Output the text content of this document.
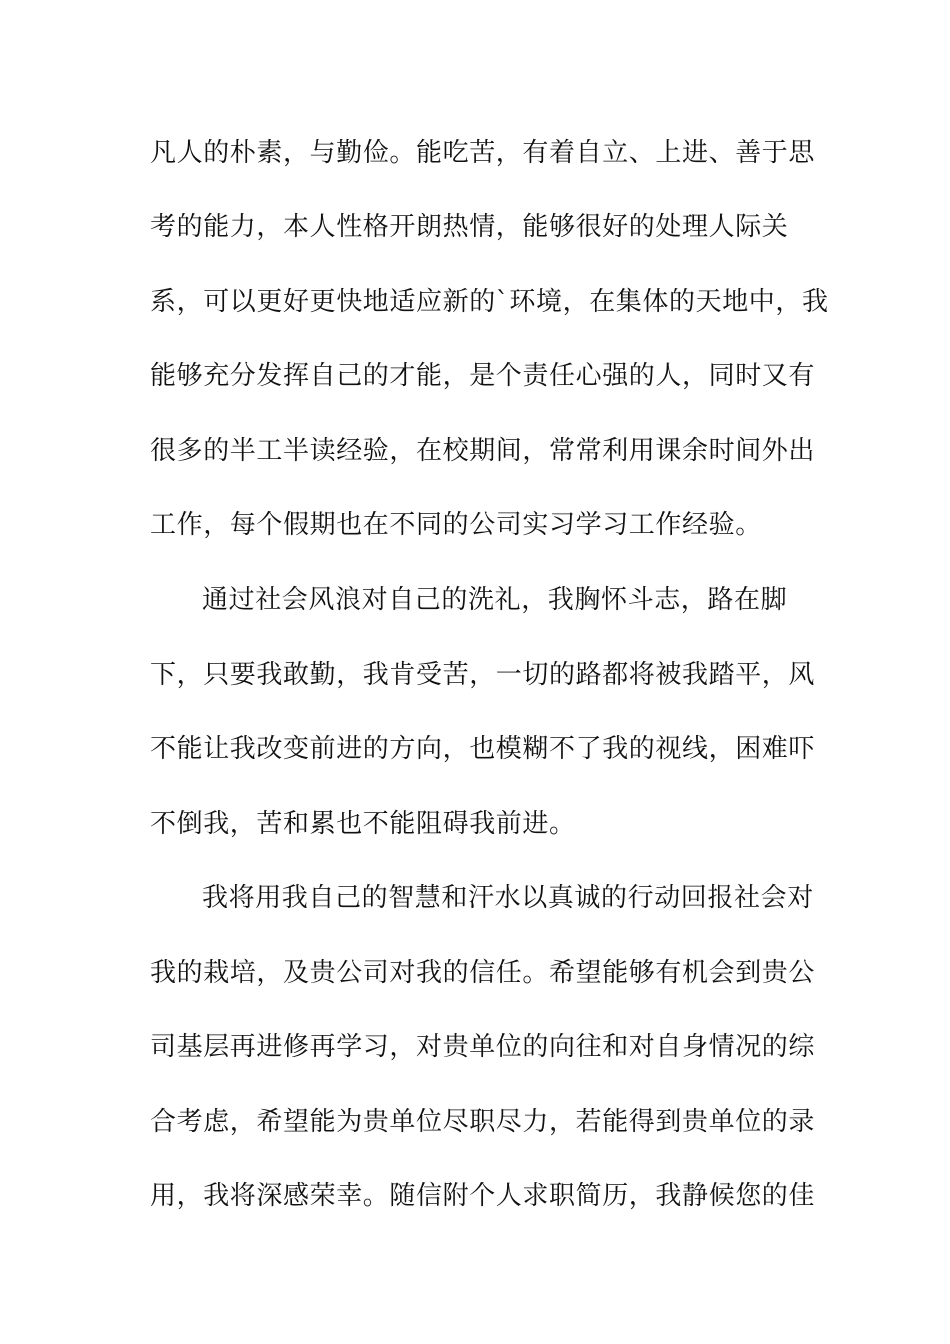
凡人的朴素，与勤俭。能吃苦，有着自立、上进、善于思
考的能力，本人性格开朗热情，能够很好的处理人际关
系，可以更好更快地适应新的`环境，在集体的天地中，我
能够充分发挥自己的才能，是个责任心强的人，同时又有
很多的半工半读经验，在校期间，常常利用课余时间外出
工作，每个假期也在不同的公司实习学习工作经验。
通过社会风浪对自己的洗礼，我胸怀斗志，路在脚
下，只要我敢勤，我肯受苦，一切的路都将被我踏平，风
不能让我改变前进的方向，也模糊不了我的视线，困难吓
不倒我，苦和累也不能阻碍我前进。
我将用我自己的智慧和汗水以真诚的行动回报社会对
我的栽培，及贵公司对我的信任。希望能够有机会到贵公
司基层再进修再学习，对贵单位的向往和对自身情况的综
合考虑，希望能为贵单位尽职尽力，若能得到贵单位的录
用，我将深感荣幸。随信附个人求职简历，我静候您的佳
